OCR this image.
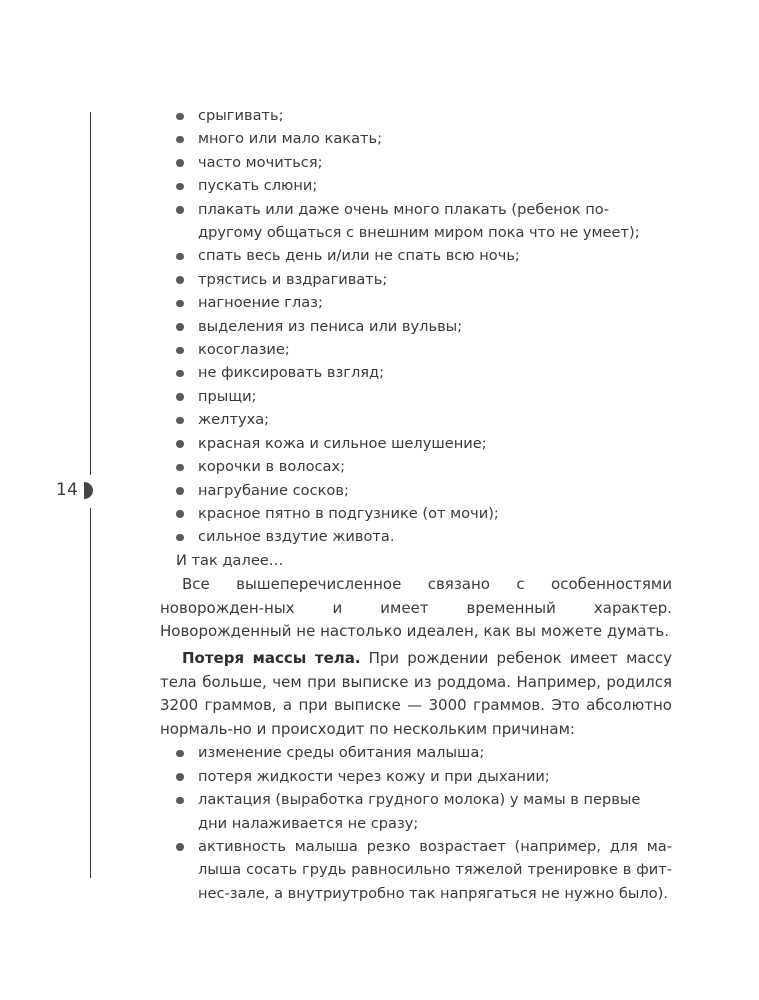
14
срыгивать;
много или мало какать;
часто мочиться;
пускать слюни;
плакать или даже очень много плакать (ребенок по-другому общаться с внешним миром пока что не умеет);
спать весь день и/или не спать всю ночь;
трястись и вздрагивать;
нагноение глаз;
выделения из пениса или вульвы;
косоглазие;
не фиксировать взгляд;
прыщи;
желтуха;
красная кожа и сильное шелушение;
корочки в волосах;
нагрубание сосков;
красное пятно в подгузнике (от мочи);
сильное вздутие живота.
И так далее…

Все вышеперечисленное связано с особенностями новорожден-ных и имеет временный характер. Новорожденный не настолько идеален, как вы можете думать.

Потеря массы тела. При рождении ребенок имеет массу тела больше, чем при выписке из роддома. Например, родился 3200 граммов, а при выписке — 3000 граммов. Это абсолютно нормаль-но и происходит по нескольким причинам:

изменение среды обитания малыша;
потеря жидкости через кожу и при дыхании;
лактация (выработка грудного молока) у мамы в первые дни налаживается не сразу;
активность малыша резко возрастает (например, для ма-лыша сосать грудь равносильно тяжелой тренировке в фит-нес-зале, а внутриутробно так напрягаться не нужно было).
